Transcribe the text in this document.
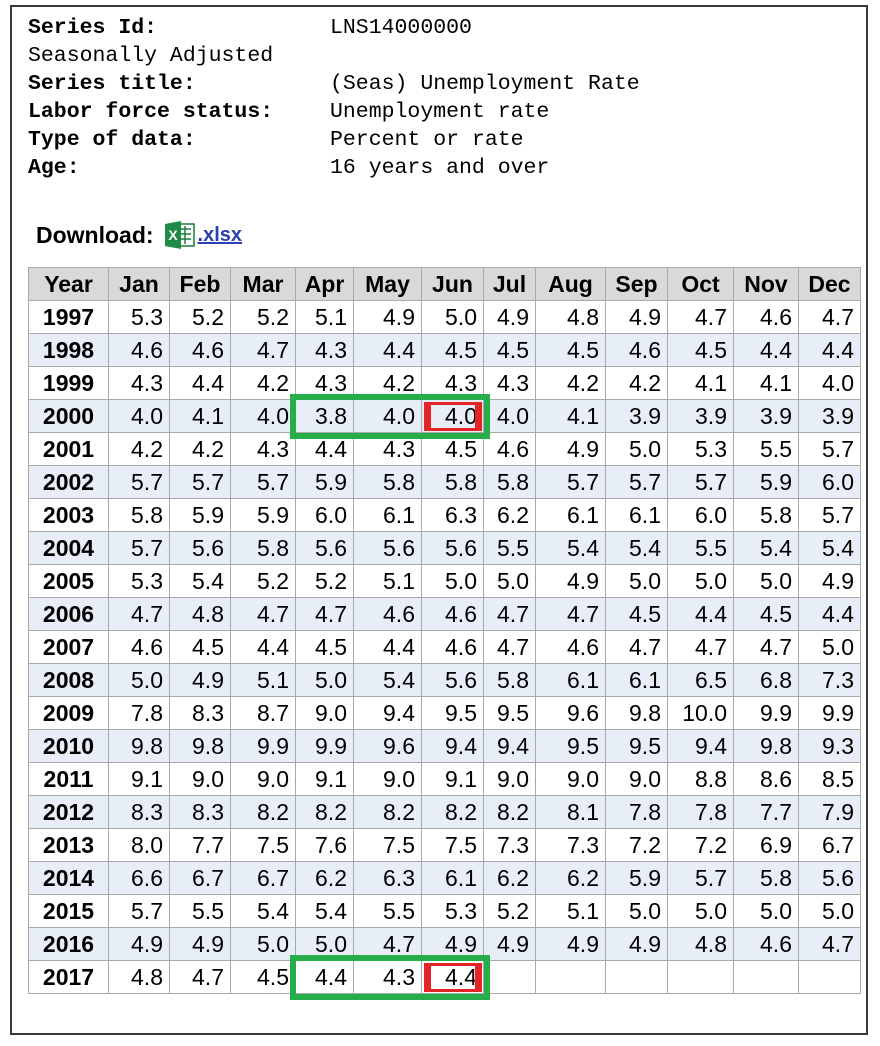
Series Id:	LNS14000000
Seasonally Adjusted
Series title:	(Seas) Unemployment Rate
Labor force status:	Unemployment rate
Type of data:	Percent or rate
Age:	16 years and over
Download: X .xlsx
Year	Jan	Feb	Mar	Apr	May	Jun	Jul	Aug	Sep	Oct	Nov	Dec
1997	5.3	5.2	5.2	5.1	4.9	5.0	4.9	4.8	4.9	4.7	4.6	4.7
1998	4.6	4.6	4.7	4.3	4.4	4.5	4.5	4.5	4.6	4.5	4.4	4.4
1999	4.3	4.4	4.2	4.3	4.2	4.3	4.3	4.2	4.2	4.1	4.1	4.0
2000	4.0	4.1	4.0	3.8	4.0	4.0	4.0	4.1	3.9	3.9	3.9	3.9
2001	4.2	4.2	4.3	4.4	4.3	4.5	4.6	4.9	5.0	5.3	5.5	5.7
2002	5.7	5.7	5.7	5.9	5.8	5.8	5.8	5.7	5.7	5.7	5.9	6.0
2003	5.8	5.9	5.9	6.0	6.1	6.3	6.2	6.1	6.1	6.0	5.8	5.7
2004	5.7	5.6	5.8	5.6	5.6	5.6	5.5	5.4	5.4	5.5	5.4	5.4
2005	5.3	5.4	5.2	5.2	5.1	5.0	5.0	4.9	5.0	5.0	5.0	4.9
2006	4.7	4.8	4.7	4.7	4.6	4.6	4.7	4.7	4.5	4.4	4.5	4.4
2007	4.6	4.5	4.4	4.5	4.4	4.6	4.7	4.6	4.7	4.7	4.7	5.0
2008	5.0	4.9	5.1	5.0	5.4	5.6	5.8	6.1	6.1	6.5	6.8	7.3
2009	7.8	8.3	8.7	9.0	9.4	9.5	9.5	9.6	9.8	10.0	9.9	9.9
2010	9.8	9.8	9.9	9.9	9.6	9.4	9.4	9.5	9.5	9.4	9.8	9.3
2011	9.1	9.0	9.0	9.1	9.0	9.1	9.0	9.0	9.0	8.8	8.6	8.5
2012	8.3	8.3	8.2	8.2	8.2	8.2	8.2	8.1	7.8	7.8	7.7	7.9
2013	8.0	7.7	7.5	7.6	7.5	7.5	7.3	7.3	7.2	7.2	6.9	6.7
2014	6.6	6.7	6.7	6.2	6.3	6.1	6.2	6.2	5.9	5.7	5.8	5.6
2015	5.7	5.5	5.4	5.4	5.5	5.3	5.2	5.1	5.0	5.0	5.0	5.0
2016	4.9	4.9	5.0	5.0	4.7	4.9	4.9	4.9	4.9	4.8	4.6	4.7
2017	4.8	4.7	4.5	4.4	4.3	4.4						
